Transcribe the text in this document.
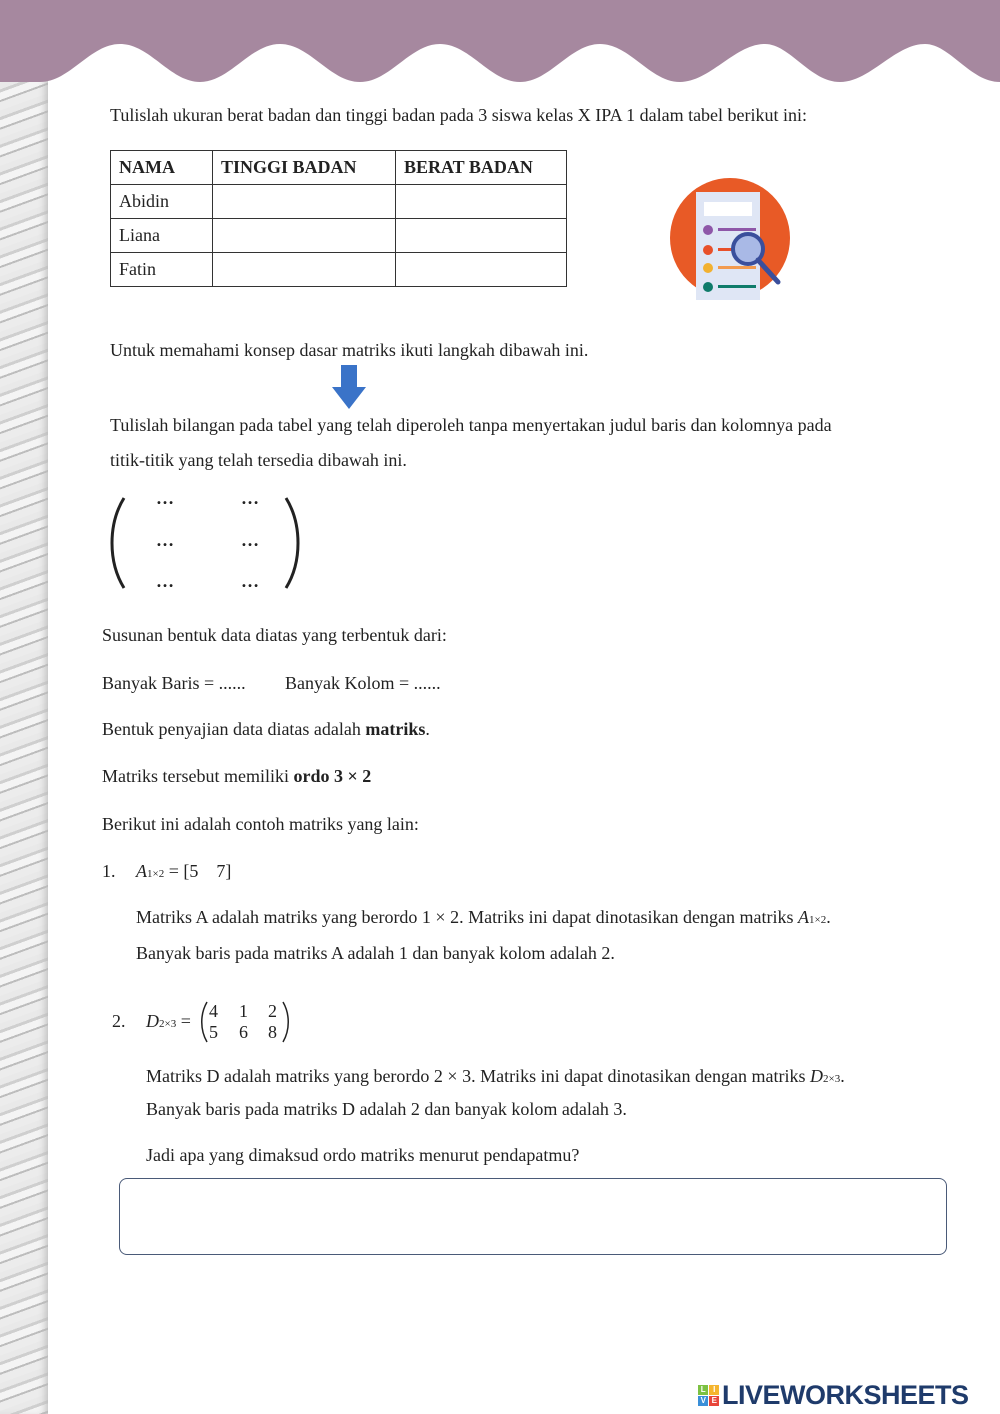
Tulislah ukuran berat badan dan tinggi badan pada 3 siswa kelas X IPA 1 dalam tabel berikut ini:
NAMA	TINGGI BADAN	BERAT BADAN
Abidin		
Liana		
Fatin		
Untuk memahami konsep dasar matriks ikuti langkah dibawah ini.
Tulislah bilangan pada tabel yang telah diperoleh tanpa menyertakan judul baris dan kolomnya pada
titik-titik yang telah tersedia dibawah ini.
…	…
…	…
…	…
Susunan bentuk data diatas yang terbentuk dari:
Banyak Baris = ...... Banyak Kolom = ......
Bentuk penyajian data diatas adalah matriks.
Matriks tersebut memiliki ordo 3 × 2
Berikut ini adalah contoh matriks yang lain:
1. A1×2 = [5    7]
Matriks A adalah matriks yang berordo 1 × 2. Matriks ini dapat dinotasikan dengan matriks A1×2.
Banyak baris pada matriks A adalah 1 dan banyak kolom adalah 2.
2. D2×3 = 4 1 2
5 6 8
Matriks D adalah matriks yang berordo 2 × 3. Matriks ini dapat dinotasikan dengan matriks D2×3.
Banyak baris pada matriks D adalah 2 dan banyak kolom adalah 3.
Jadi apa yang dimaksud ordo matriks menurut pendapatmu?
L I
V E LIVEWORKSHEETS
